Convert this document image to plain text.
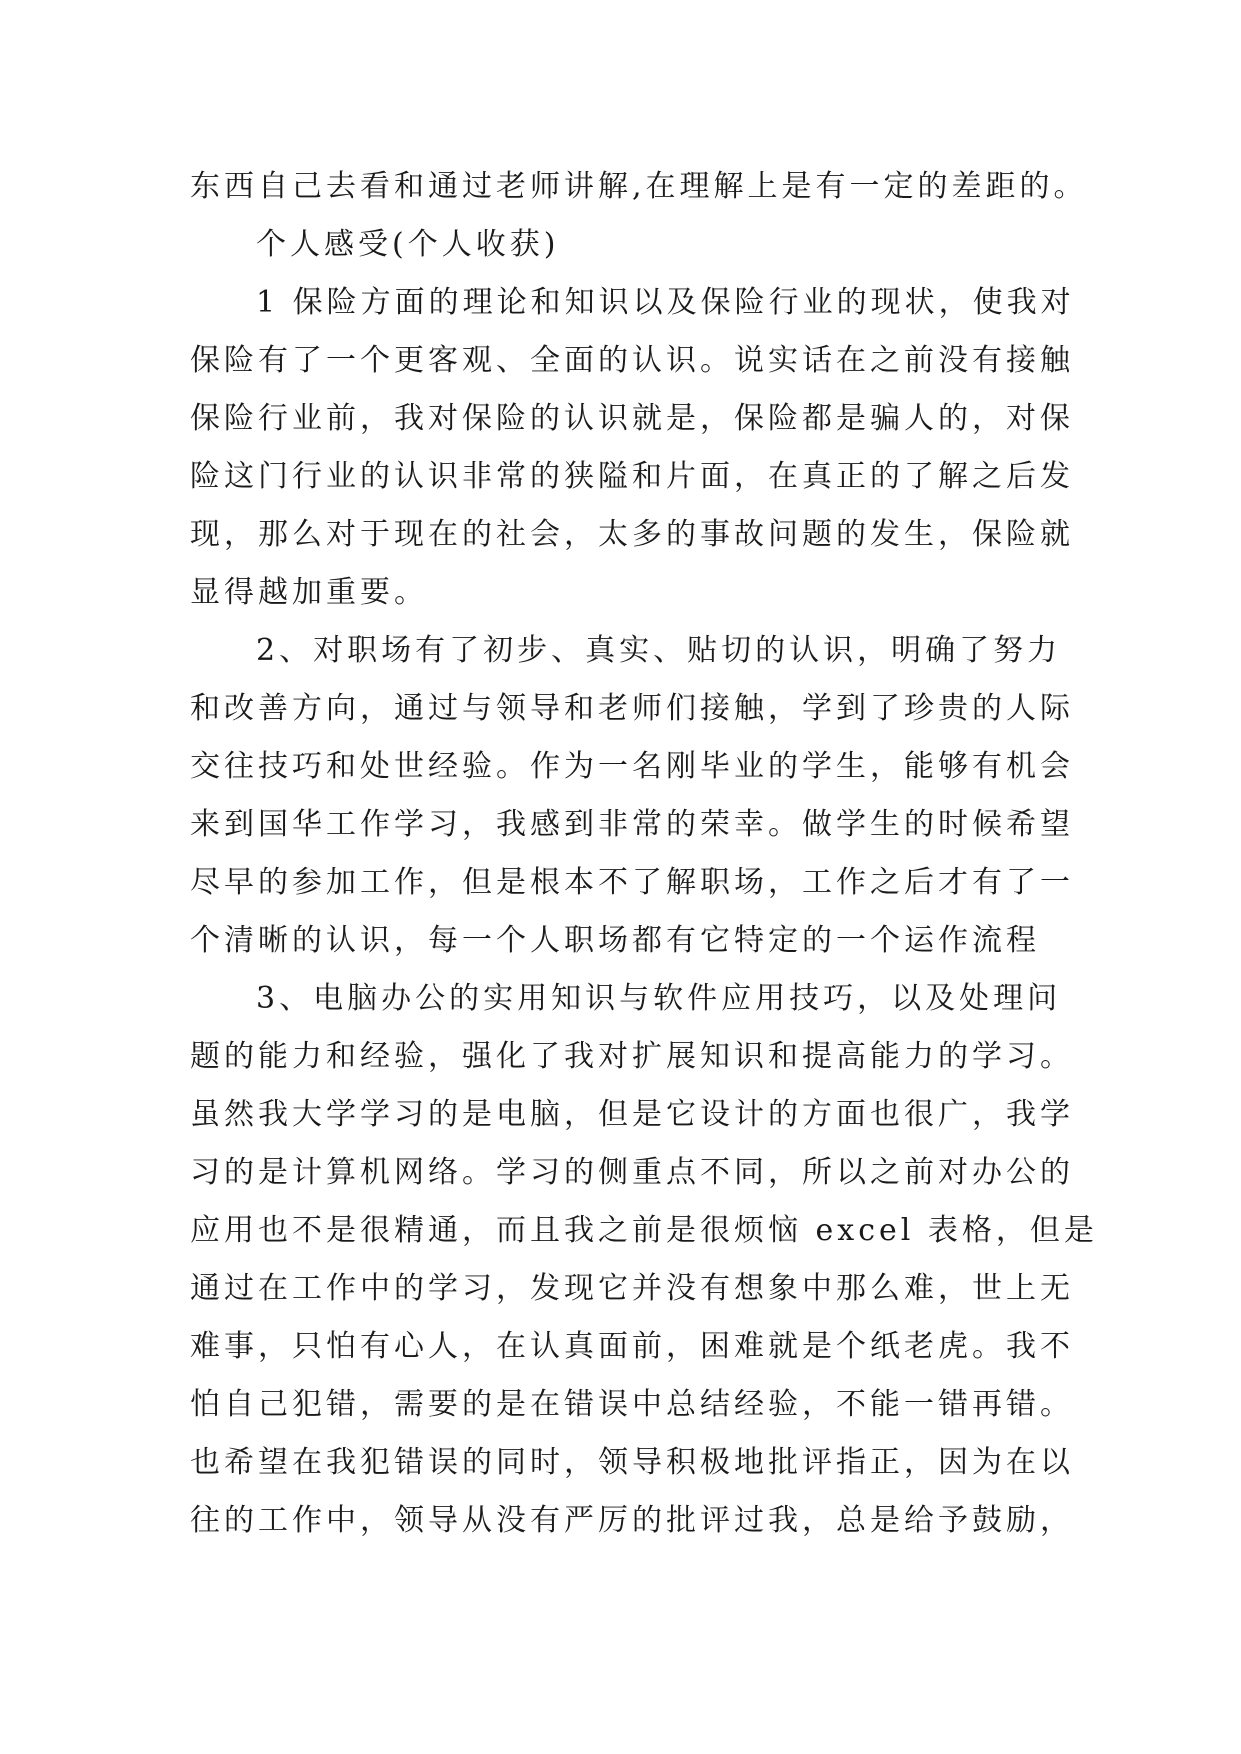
东西自己去看和通过老师讲解,在理解上是有一定的差距的。
个人感受(个人收获)
1 保险方面的理论和知识以及保险行业的现状，使我对
保险有了一个更客观、全面的认识。说实话在之前没有接触
保险行业前，我对保险的认识就是，保险都是骗人的，对保
险这门行业的认识非常的狭隘和片面，在真正的了解之后发
现，那么对于现在的社会，太多的事故问题的发生，保险就
显得越加重要。
2、对职场有了初步、真实、贴切的认识，明确了努力
和改善方向，通过与领导和老师们接触，学到了珍贵的人际
交往技巧和处世经验。作为一名刚毕业的学生，能够有机会
来到国华工作学习，我感到非常的荣幸。做学生的时候希望
尽早的参加工作，但是根本不了解职场，工作之后才有了一
个清晰的认识，每一个人职场都有它特定的一个运作流程
3、电脑办公的实用知识与软件应用技巧，以及处理问
题的能力和经验，强化了我对扩展知识和提高能力的学习。
虽然我大学学习的是电脑，但是它设计的方面也很广，我学
习的是计算机网络。学习的侧重点不同，所以之前对办公的
应用也不是很精通，而且我之前是很烦恼 excel 表格，但是
通过在工作中的学习，发现它并没有想象中那么难，世上无
难事，只怕有心人，在认真面前，困难就是个纸老虎。我不
怕自己犯错，需要的是在错误中总结经验，不能一错再错。
也希望在我犯错误的同时，领导积极地批评指正，因为在以
往的工作中，领导从没有严厉的批评过我，总是给予鼓励，
